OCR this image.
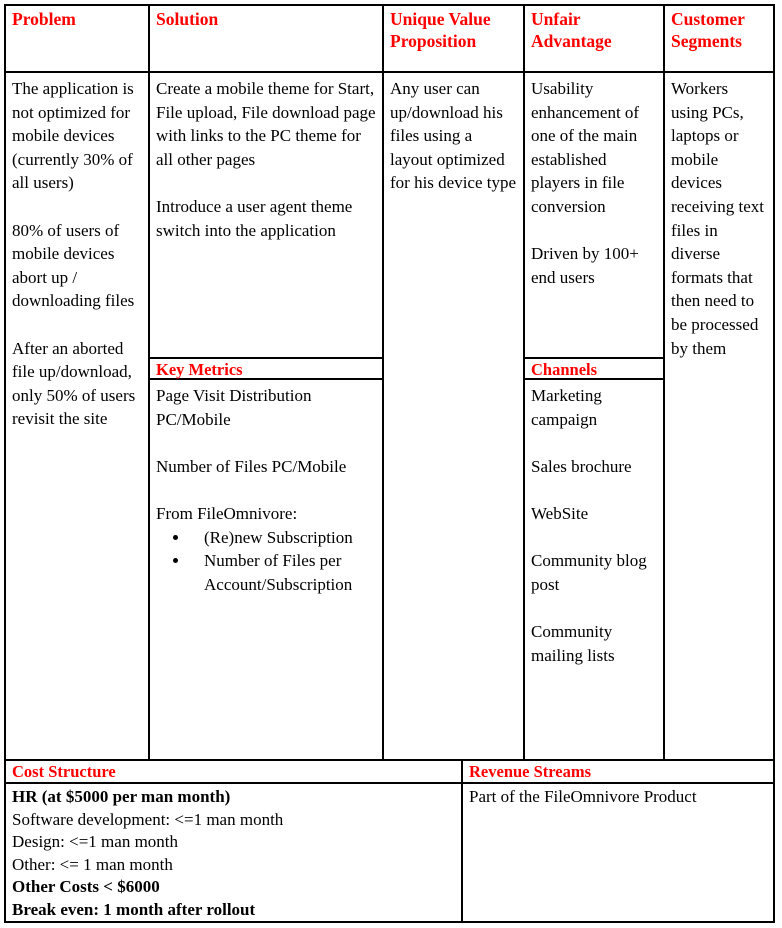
Problem

The application is not optimized for mobile devices (currently 30% of all users)

80% of users of mobile devices abort up / downloading files

After an aborted file up/download, only 50% of users revisit the site

Solution

Create a mobile theme for Start, File upload, File download page with links to the PC theme for all other pages

Introduce a user agent theme switch into the application

Key Metrics

Page Visit Distribution PC/Mobile

Number of Files PC/Mobile

From FileOmnivore:

• (Re)new Subscription
• Number of Files per Account/Subscription
Unique Value Proposition

Any user can up/download his files using a layout optimized for his device type

Unfair Advantage

Usability enhancement of one of the main established players in file conversion

Driven by 100+ end users

Channels

Marketing campaign

Sales brochure

WebSite

Community blog post

Community mailing lists

Customer Segments

Workers using PCs, laptops or mobile devices receiving text files in diverse formats that then need to be processed by them

Cost Structure
HR (at $5000 per man month)
Software development: <=1 man month
Design: <=1 man month
Other: <= 1 man month
Other Costs < $6000
Break even: 1 month after rollout
Revenue Streams
Part of the FileOmnivore Product
